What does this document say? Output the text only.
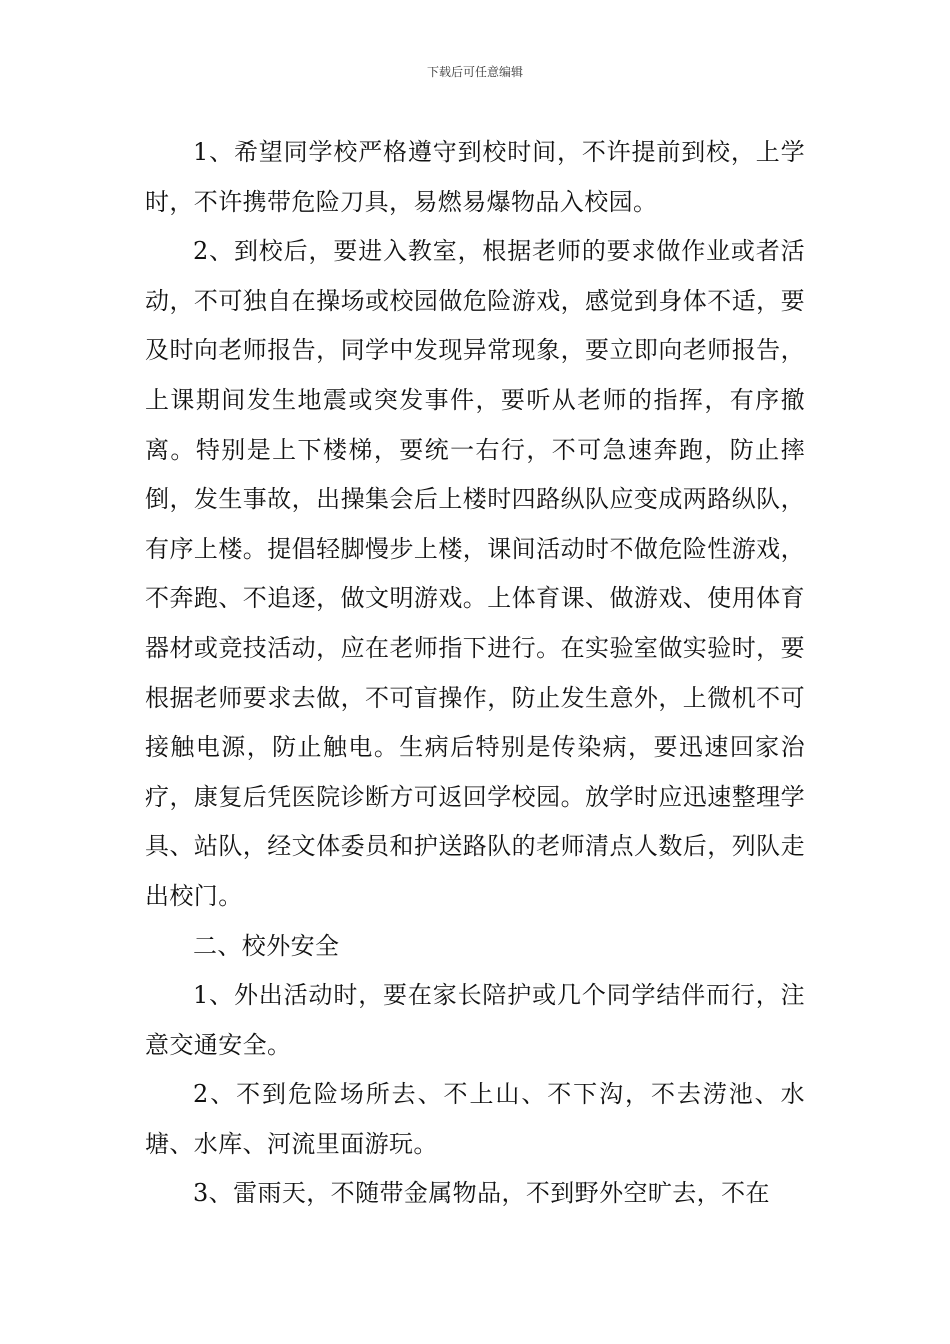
下载后可任意编辑

1、希望同学校严格遵守到校时间，不许提前到校，上学时，不许携带危险刀具，易燃易爆物品入校园。

2、到校后，要进入教室，根据老师的要求做作业或者活动，不可独自在操场或校园做危险游戏，感觉到身体不适，要及时向老师报告，同学中发现异常现象，要立即向老师报告，上课期间发生地震或突发事件，要听从老师的指挥，有序撤离。特别是上下楼梯，要统一右行，不可急速奔跑，防止摔倒，发生事故，出操集会后上楼时四路纵队应变成两路纵队，有序上楼。提倡轻脚慢步上楼，课间活动时不做危险性游戏，不奔跑、不追逐，做文明游戏。上体育课、做游戏、使用体育器材或竞技活动，应在老师指下进行。在实验室做实验时，要根据老师要求去做，不可盲操作，防止发生意外，上微机不可接触电源，防止触电。生病后特别是传染病，要迅速回家治疗，康复后凭医院诊断方可返回学校园。放学时应迅速整理学具、站队，经文体委员和护送路队的老师清点人数后，列队走出校门。

二、校外安全

1、外出活动时，要在家长陪护或几个同学结伴而行，注意交通安全。

2、不到危险场所去、不上山、不下沟，不去涝池、水塘、水库、河流里面游玩。

3、雷雨天，不随带金属物品，不到野外空旷去，不在
